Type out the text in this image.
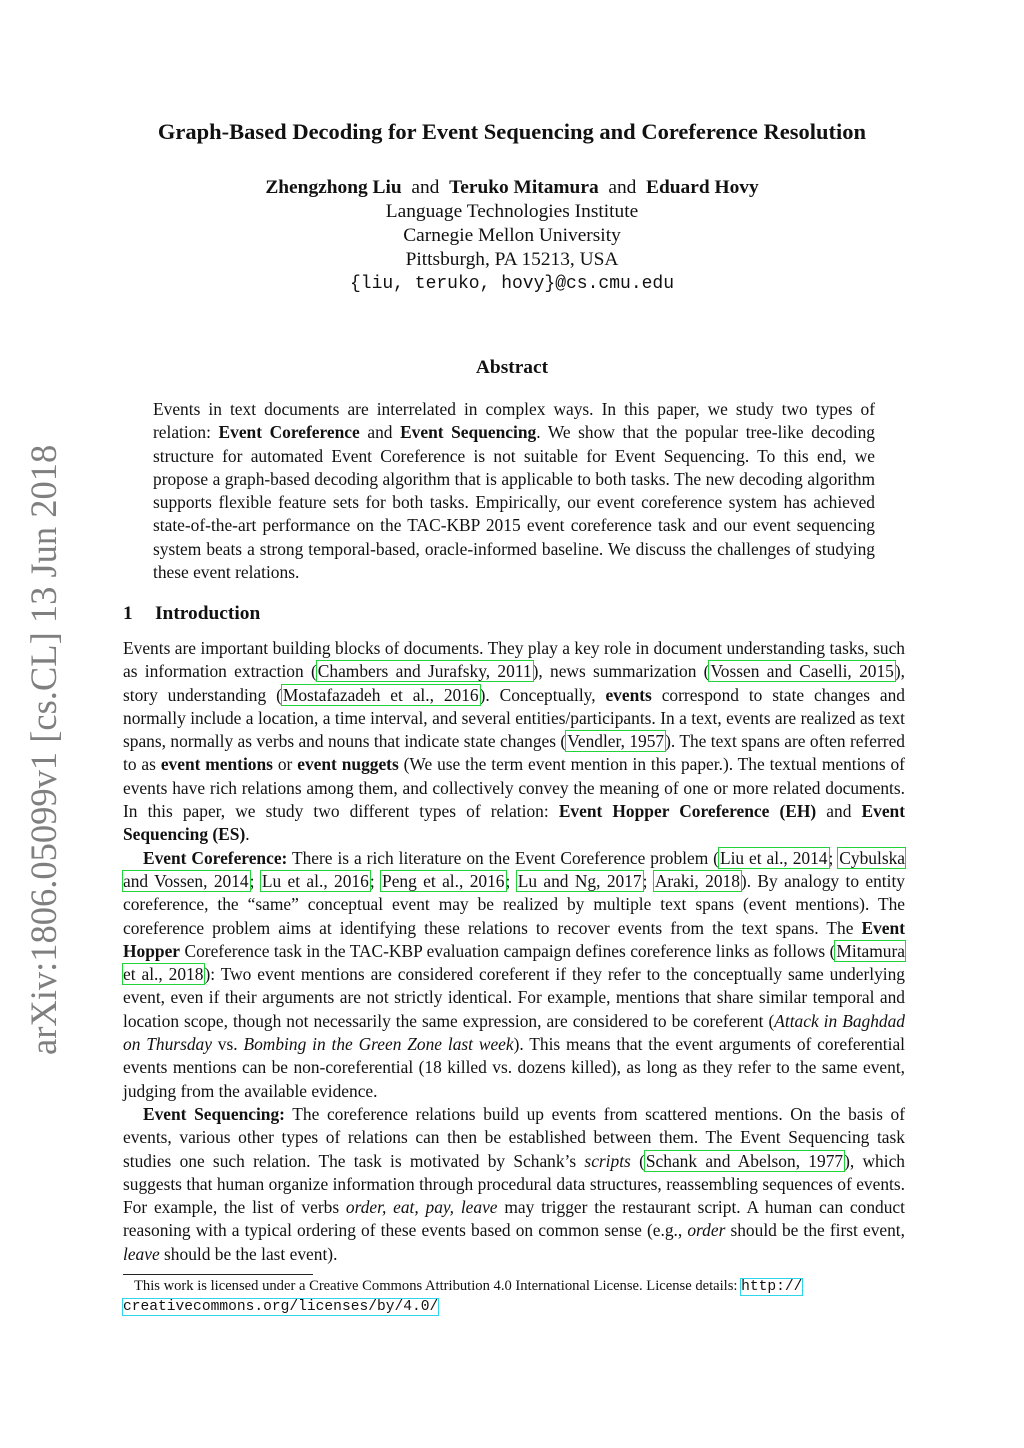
arXiv:1806.05099v1 [cs.CL] 13 Jun 2018
Graph-Based Decoding for Event Sequencing and Coreference Resolution
Zhengzhong Liu and Teruko Mitamura and Eduard Hovy
Language Technologies Institute
Carnegie Mellon University
Pittsburgh, PA 15213, USA
{liu, teruko, hovy}@cs.cmu.edu
Abstract
Events in text documents are interrelated in complex ways. In this paper, we study two types of relation: Event Coreference and Event Sequencing. We show that the popular tree-like decoding structure for automated Event Coreference is not suitable for Event Sequencing. To this end, we propose a graph-based decoding algorithm that is applicable to both tasks. The new decoding algorithm supports flexible feature sets for both tasks. Empirically, our event coreference system has achieved state-of-the-art performance on the TAC-KBP 2015 event coreference task and our event sequencing system beats a strong temporal-based, oracle-informed baseline. We discuss the challenges of studying these event relations.
1 Introduction

Events are important building blocks of documents. They play a key role in document understanding tasks, such as information extraction (Chambers and Jurafsky, 2011), news summarization (Vossen and Caselli, 2015), story understanding (Mostafazadeh et al., 2016). Conceptually, events correspond to state changes and normally include a location, a time interval, and several entities/participants. In a text, events are realized as text spans, normally as verbs and nouns that indicate state changes (Vendler, 1957). The text spans are often referred to as event mentions or event nuggets (We use the term event mention in this paper.). The textual mentions of events have rich relations among them, and collectively convey the meaning of one or more related documents. In this paper, we study two different types of relation: Event Hopper Coreference (EH) and Event Sequencing (ES).

Event Coreference: There is a rich literature on the Event Coreference problem (Liu et al., 2014; Cybulska and Vossen, 2014; Lu et al., 2016; Peng et al., 2016; Lu and Ng, 2017; Araki, 2018). By analogy to entity coreference, the “same” conceptual event may be realized by multiple text spans (event mentions). The coreference problem aims at identifying these relations to recover events from the text spans. The Event Hopper Coreference task in the TAC-KBP evaluation campaign defines coreference links as follows (Mitamura et al., 2018): Two event mentions are considered coreferent if they refer to the conceptually same underlying event, even if their arguments are not strictly identical. For example, mentions that share similar temporal and location scope, though not necessarily the same expression, are considered to be coreferent (Attack in Baghdad on Thursday vs. Bombing in the Green Zone last week). This means that the event arguments of coreferential events mentions can be non-coreferential (18 killed vs. dozens killed), as long as they refer to the same event, judging from the available evidence.

Event Sequencing: The coreference relations build up events from scattered mentions. On the basis of events, various other types of relations can then be established between them. The Event Sequencing task studies one such relation. The task is motivated by Schank’s scripts (Schank and Abelson, 1977), which suggests that human organize information through procedural data structures, reassembling sequences of events. For example, the list of verbs order, eat, pay, leave may trigger the restaurant script. A human can conduct reasoning with a typical ordering of these events based on common sense (e.g., order should be the first event, leave should be the last event).

This work is licensed under a Creative Commons Attribution 4.0 International License. License details: http://
creativecommons.org/licenses/by/4.0/
